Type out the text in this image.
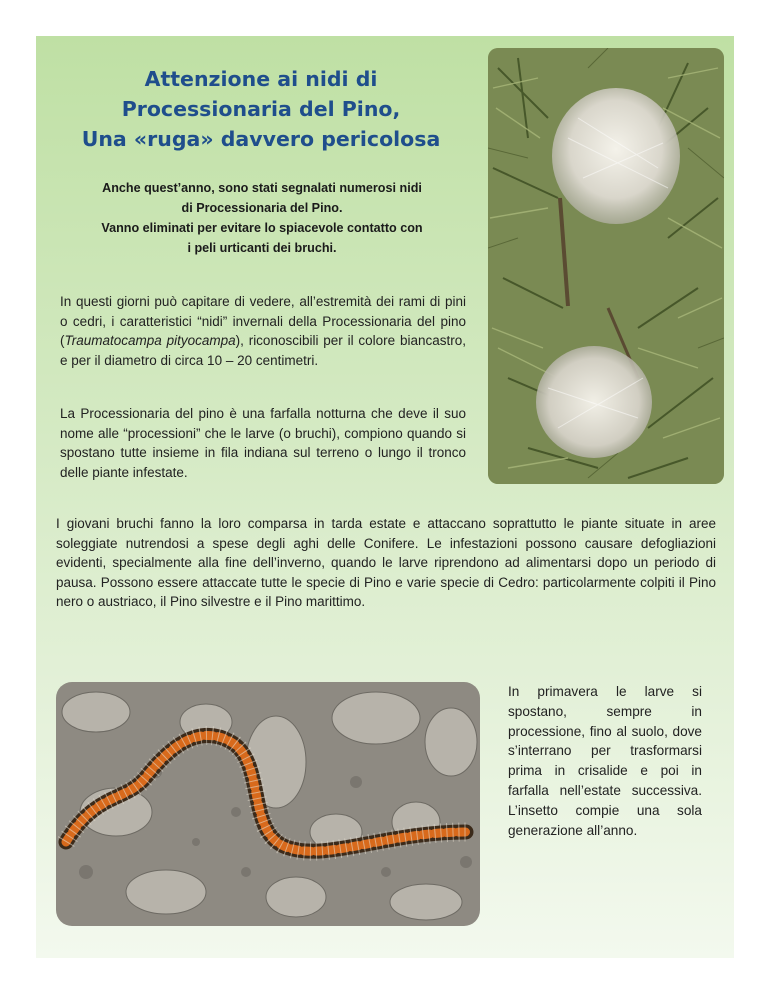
Attenzione ai nidi di
Processionaria del Pino,
Una «ruga» davvero pericolosa
Anche quest’anno, sono stati segnalati numerosi nidi
di Processionaria del Pino.
Vanno eliminati per evitare lo spiacevole contatto con
i peli urticanti dei bruchi.
In questi giorni può capitare di vedere, all’estremità dei rami di pini o cedri, i caratteristici “nidi” invernali della Processionaria del pino (Traumatocampa pityocampa), riconoscibili per il colore biancastro, e per il diametro di circa 10 – 20 centimetri.
La Processionaria del pino è una farfalla notturna che deve il suo nome alle “processioni” che le larve (o bruchi), compiono quando si spostano tutte insieme in fila indiana sul terreno o lungo il tronco delle piante infestate.
I giovani bruchi fanno la loro comparsa in tarda estate e attaccano soprattutto le piante situate in aree soleggiate nutrendosi a spese degli aghi delle Conifere. Le infestazioni possono causare defogliazioni evidenti, specialmente alla fine dell’inverno, quando le larve riprendono ad alimentarsi dopo un periodo di pausa. Possono essere attaccate tutte le specie di Pino e varie specie di Cedro: particolarmente colpiti il Pino nero o austriaco, il Pino silvestre e il Pino marittimo.
In primavera le larve si spostano, sempre in processione, fino al suolo, dove s’interrano per trasformarsi prima in crisalide e poi in farfalla nell’estate successiva. L’insetto compie una sola generazione all’anno.
